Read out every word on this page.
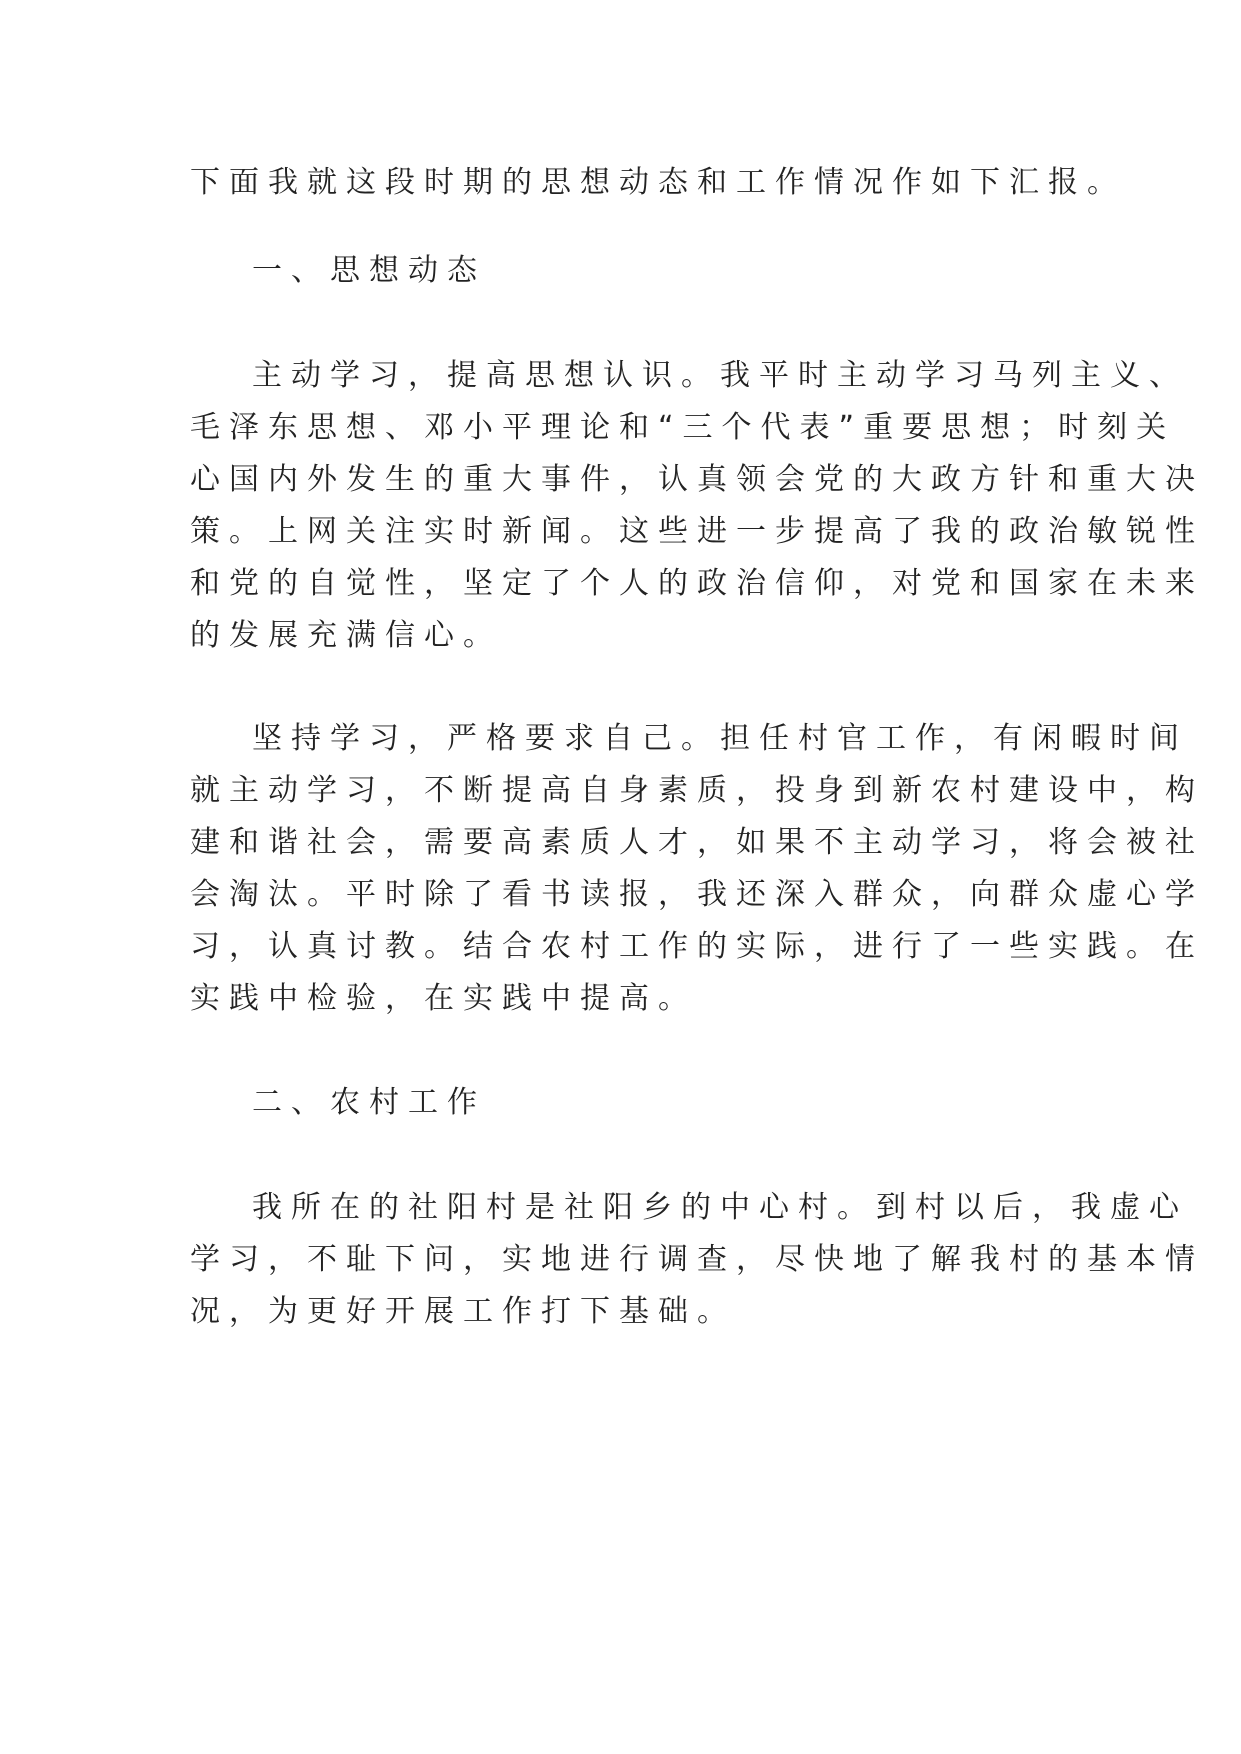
下面我就这段时期的思想动态和工作情况作如下汇报。
一、思想动态
主动学习，提高思想认识。我平时主动学习马列主义、
毛泽东思想、邓小平理论和“三个代表”重要思想；时刻关
心国内外发生的重大事件，认真领会党的大政方针和重大决
策。上网关注实时新闻。这些进一步提高了我的政治敏锐性
和党的自觉性，坚定了个人的政治信仰，对党和国家在未来
的发展充满信心。
坚持学习，严格要求自己。担任村官工作，有闲暇时间
就主动学习，不断提高自身素质，投身到新农村建设中，构
建和谐社会，需要高素质人才，如果不主动学习，将会被社
会淘汰。平时除了看书读报，我还深入群众，向群众虚心学
习，认真讨教。结合农村工作的实际，进行了一些实践。在
实践中检验，在实践中提高。
二、农村工作
我所在的社阳村是社阳乡的中心村。到村以后，我虚心
学习，不耻下问，实地进行调查，尽快地了解我村的基本情
况，为更好开展工作打下基础。
